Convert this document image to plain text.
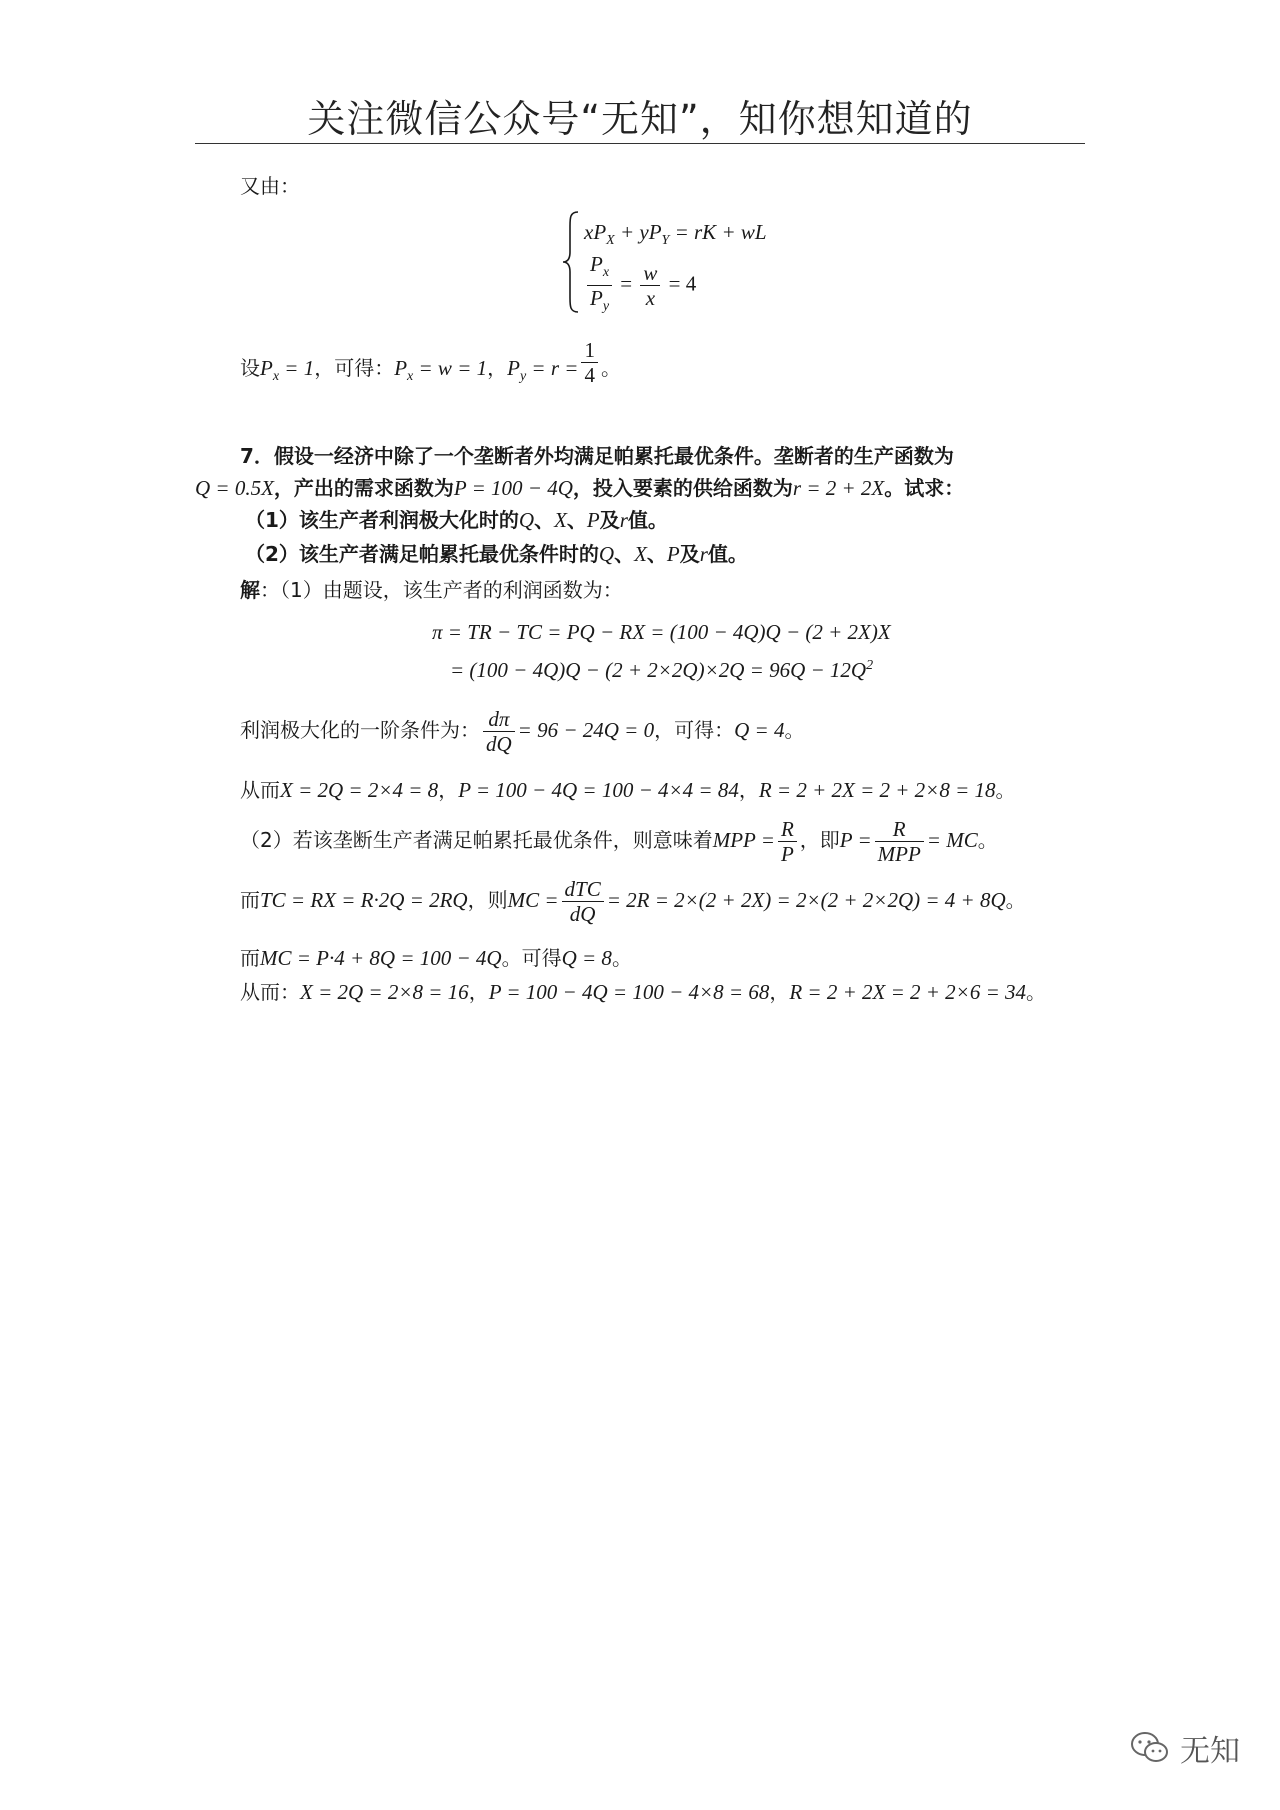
关注微信公众号“无知”，知你想知道的
又由：
$xP_X + yP_Y$ = rK + wL
$\frac{P_x}{P_y} = \frac{w}{x} = 4$
设$P_x = 1$，可得：$P_x = w = 1$，$P_y = r = \frac{1}{4}$ 。
7．假设一经济中除了一个垄断者外均满足帕累托最优条件。垄断者的生产函数为
Q = 0.5X，产出的需求函数为P = 100 − 4Q，投入要素的供给函数为r = 2 + 2X。试求：
（1）该生产者利润极大化时的Q、X、P及r值。
（2）该生产者满足帕累托最优条件时的Q、X、P及r值。
解：（1）由题设，该生产者的利润函数为：
π = TR − TC = PQ − RX = (100 − 4Q)Q − (2 + 2X)X
= $(100 - 4Q)Q - (2 + 2\times 2Q)\times 2Q = 96Q - 12Q^2$
利润极大化的一阶条件为： $\frac{d\pi}{dQ} = 96 - 24Q = 0$，可得：Q = 4。
从而X = 2Q = 2×4 = 8，P = 100 − 4Q = 100 − 4×4 = 84，R = 2 + 2X = 2 + 2×8 = 18。
（2）若该垄断生产者满足帕累托最优条件，则意味着MPP = $\frac{R}{P}$ ，即$P = \frac{R}{\text{MPP}}$ = MC。
而TC = RX = R·2Q = 2RQ，则MC = $\frac{\text{dTC}}{dQ} = 2R = 2\times(2 + 2X) = 2\times(2 + 2\times 2Q) = 4 + 8Q$。
而MC = P·4 + 8Q = 100 − 4Q。可得Q = 8。
从而：X = 2Q = 2×8 = 16，P = 100 − 4Q = 100 − 4×8 = 68，R = 2 + 2X = 2 + 2×6 = 34。
无知
